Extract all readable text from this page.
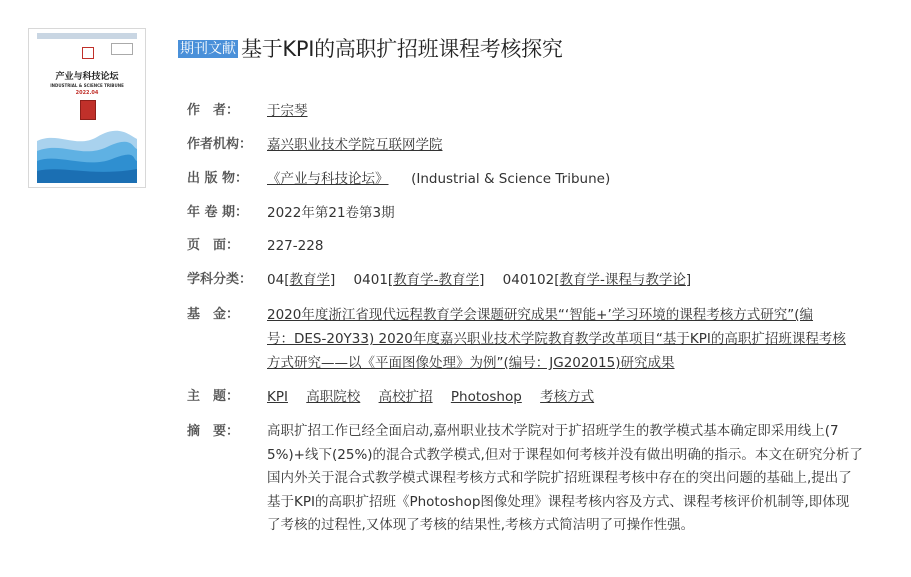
产业与科技论坛
INDUSTRIAL & SCIENCE TRIBUNE
2022.04
期刊文献 基于KPI的高职扩招班课程考核探究
作　者：	于宗琴
作者机构： 嘉兴职业技术学院互联网学院
出 版 物：	《产业与科技论坛》 (Industrial & Science Tribune)
年 卷 期：	2022年第21卷第3期
页　面：	227-228
学科分类： 04[教育学] 0401[教育学-教育学] 040102[教育学-课程与教学论]
基　金：	2020年度浙江省现代远程教育学会课题研究成果“‘智能+’学习环境的课程考核方式研究”(编
号：DES-20Y33) 2020年度嘉兴职业技术学院教育教学改革项目“基于KPI的高职扩招班课程考核
方式研究——以《平面图像处理》为例”(编号：JG202015)研究成果
主　题：	KPI 高职院校 高校扩招 Photoshop 考核方式
摘　要：	高职扩招工作已经全面启动,嘉州职业技术学院对于扩招班学生的教学模式基本确定即采用线上(7
5%)+线下(25%)的混合式教学模式,但对于课程如何考核并没有做出明确的指示。本文在研究分析了
国内外关于混合式教学模式课程考核方式和学院扩招班课程考核中存在的突出问题的基础上,提出了
基于KPI的高职扩招班《Photoshop图像处理》课程考核内容及方式、课程考核评价机制等,即体现
了考核的过程性,又体现了考核的结果性,考核方式简洁明了可操作性强。
